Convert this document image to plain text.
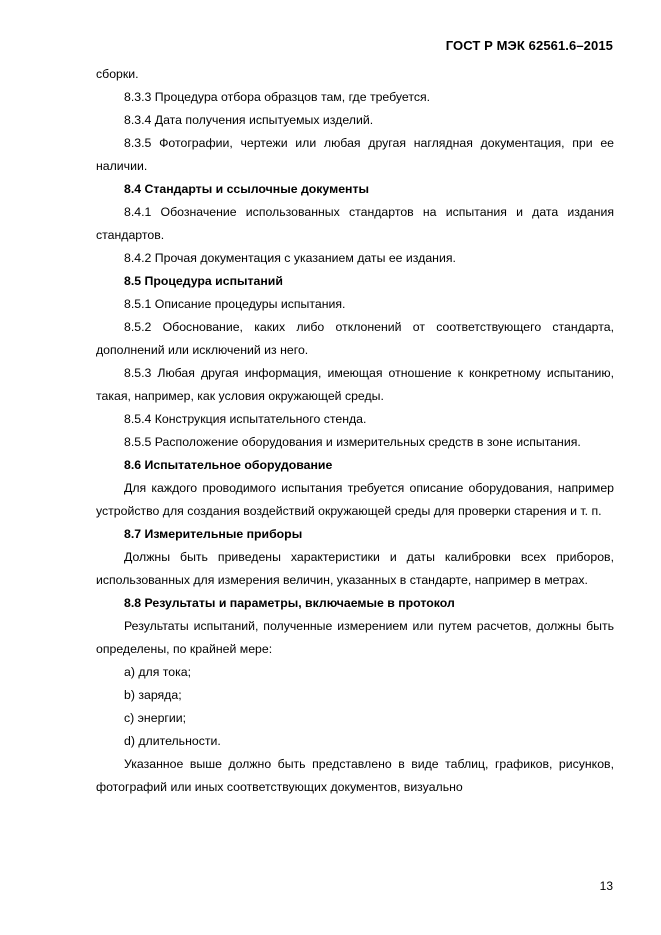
ГОСТ Р МЭК 62561.6–2015

сборки.

8.3.3 Процедура отбора образцов там, где требуется.

8.3.4 Дата получения испытуемых изделий.

8.3.5 Фотографии, чертежи или любая другая наглядная документация, при ее наличии.

8.4 Стандарты и ссылочные документы

8.4.1 Обозначение использованных стандартов на испытания и дата издания стандартов.

8.4.2 Прочая документация с указанием даты ее издания.

8.5 Процедура испытаний

8.5.1 Описание процедуры испытания.

8.5.2 Обоснование, каких либо отклонений от соответствующего стандарта, дополнений или исключений из него.

8.5.3 Любая другая информация, имеющая отношение к конкретному испытанию, такая, например, как условия окружающей среды.

8.5.4 Конструкция испытательного стенда.

8.5.5 Расположение оборудования и измерительных средств в зоне испытания.

8.6 Испытательное оборудование

Для каждого проводимого испытания требуется описание оборудования, например устройство для создания воздействий окружающей среды для проверки старения и т. п.

8.7 Измерительные приборы

Должны быть приведены характеристики и даты калибровки всех приборов, использованных для измерения величин, указанных в стандарте, например в метрах.

8.8 Результаты и параметры, включаемые в протокол

Результаты испытаний, полученные измерением или путем расчетов, должны быть определены, по крайней мере:

а) для тока;

b) заряда;

c) энергии;

d) длительности.

Указанное выше должно быть представлено в виде таблиц, графиков, рисунков, фотографий или иных соответствующих документов, визуально

13
